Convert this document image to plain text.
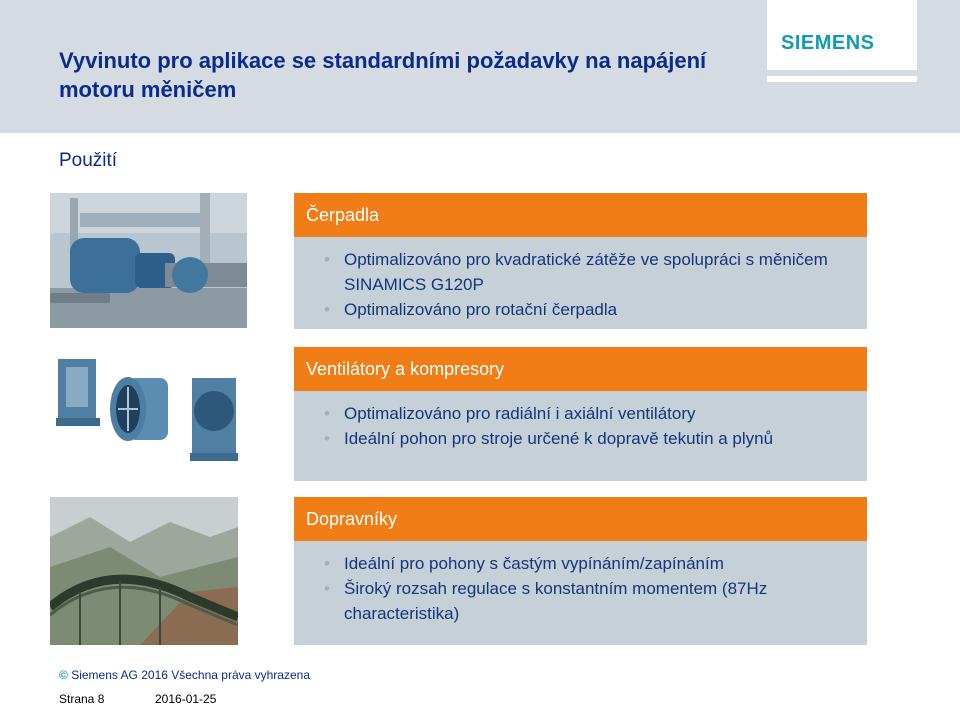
Vyvinuto pro aplikace se standardními požadavky na napájení motoru měničem
SIEMENS
Použití
Čerpadla
• Optimalizováno pro kvadratické zátěže ve spolupráci s měničem SINAMICS G120P
• Optimalizováno pro rotační čerpadla
Ventilátory a kompresory
• Optimalizováno pro radiální i axiální ventilátory
• Ideální pohon pro stroje určené k dopravě tekutin a plynů
Dopravníky
• Ideální pro pohony s častým vypínáním/zapínáním
• Široký rozsah regulace s konstantním momentem (87Hz characteristika)
© Siemens AG 2016 Všechna práva vyhrazena
Strana 8	2016-01-25
